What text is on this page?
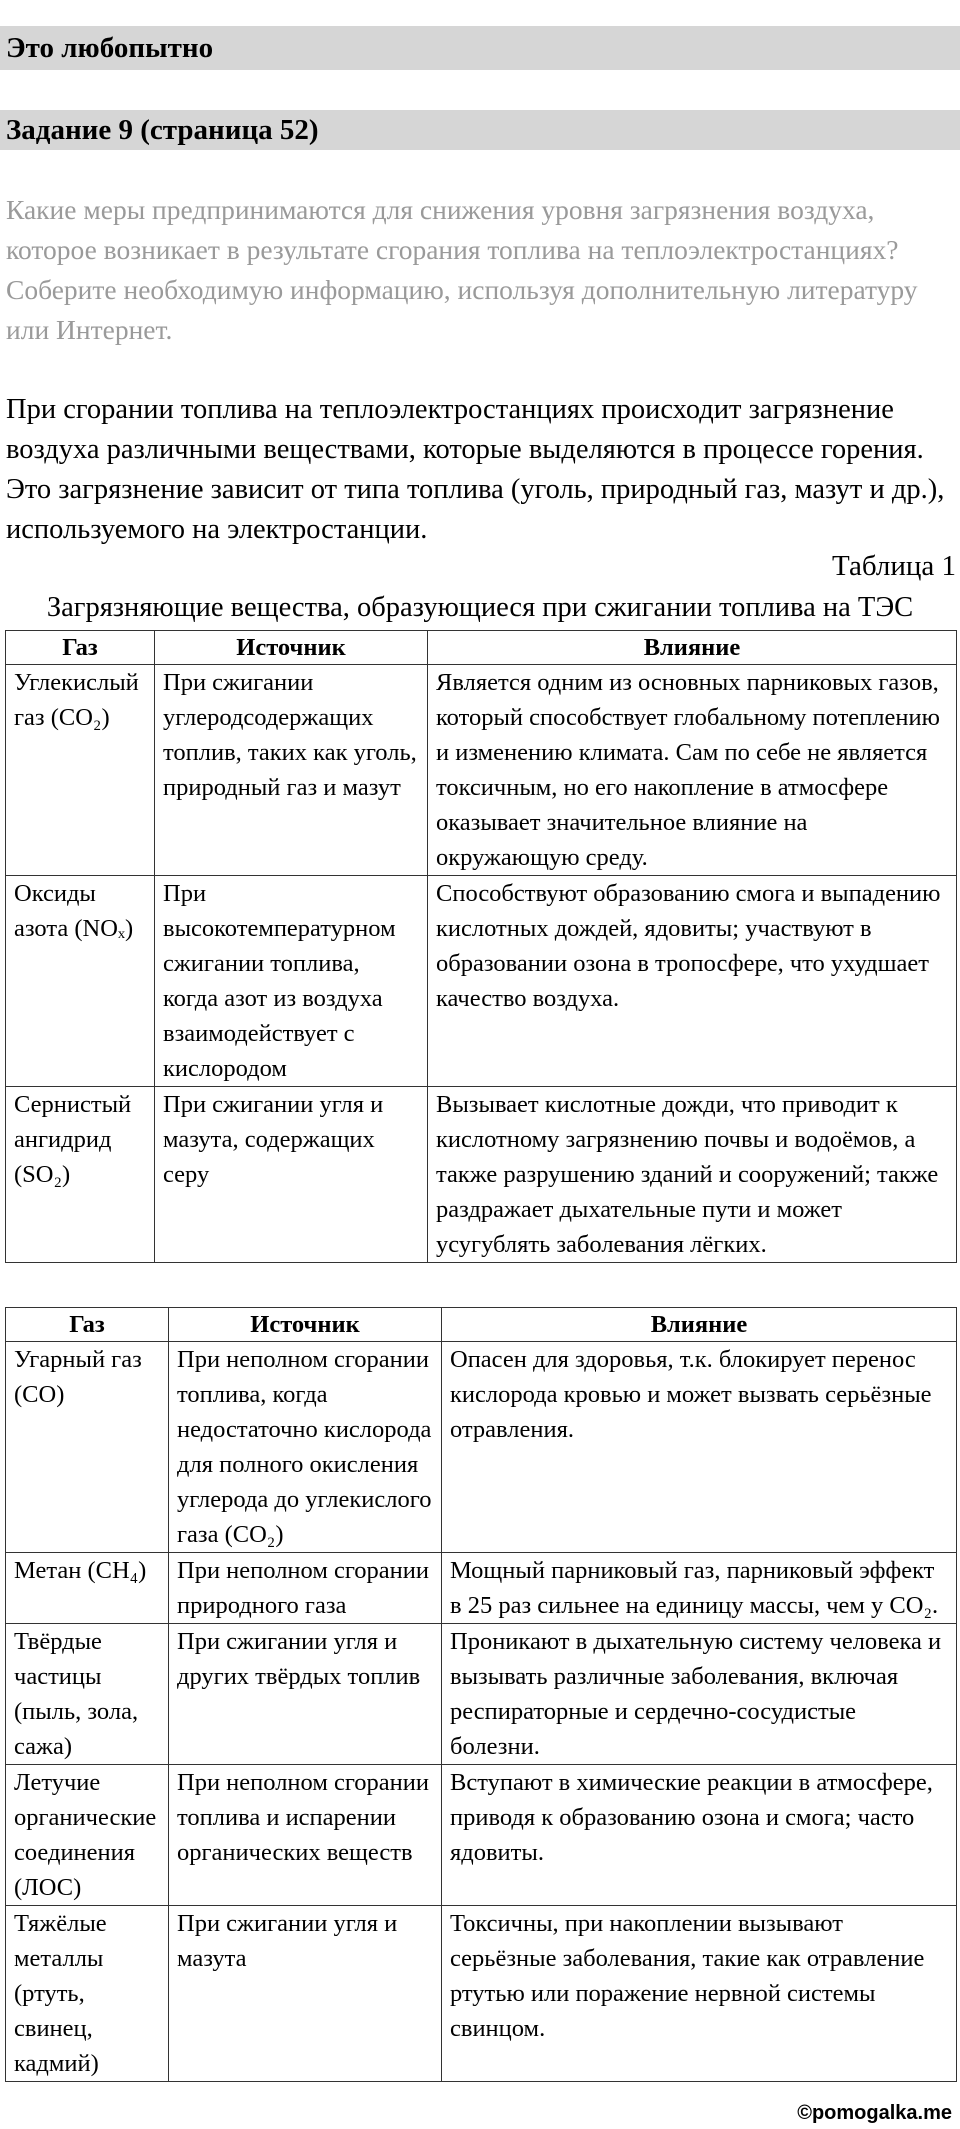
Это любопытно
Задание 9 (страница 52)

Какие меры предпринимаются для снижения уровня загрязнения воздуха, которое возникает в результате сгорания топлива на теплоэлектростанциях? Соберите необходимую информацию, используя дополнительную литературу или Интернет.

При сгорании топлива на теплоэлектростанциях происходит загрязнение воздуха различными веществами, которые выделяются в процессе горения. Это загрязнение зависит от типа топлива (уголь, природный газ, мазут и др.), используемого на электростанции.

Таблица 1
Загрязняющие вещества, образующиеся при сжигании топлива на ТЭС
Газ	Источник	Влияние
Углекислый газ (CO₂)	При сжигании углеродсодержащих топлив, таких как уголь, природный газ и мазут	Является одним из основных парниковых газов, который способствует глобальному потеплению и изменению климата. Сам по себе не является токсичным, но его накопление в атмосфере оказывает значительное влияние на окружающую среду.
Оксиды азота (NOₓ)	При высокотемпературном сжигании топлива, когда азот из воздуха взаимодействует с кислородом	Способствуют образованию смога и выпадению кислотных дождей, ядовиты; участвуют в образовании озона в тропосфере, что ухудшает качество воздуха.
Сернистый ангидрид (SO₂)	При сжигании угля и мазута, содержащих серу	Вызывает кислотные дожди, что приводит к кислотному загрязнению почвы и водоёмов, а также разрушению зданий и сооружений; также раздражает дыхательные пути и может усугублять заболевания лёгких.
Газ	Источник	Влияние
Угарный газ (CO)	При неполном сгорании топлива, когда недостаточно кислорода для полного окисления углерода до углекислого газа (CO₂)	Опасен для здоровья, т.к. блокирует перенос кислорода кровью и может вызвать серьёзные отравления.
Метан (CH₄)	При неполном сгорании природного газа	Мощный парниковый газ, парниковый эффект в 25 раз сильнее на единицу массы, чем у CO₂.
Твёрдые частицы (пыль, зола, сажа)	При сжигании угля и других твёрдых топлив	Проникают в дыхательную систему человека и вызывать различные заболевания, включая респираторные и сердечно-сосудистые болезни.
Летучие органические соединения (ЛОС)	При неполном сгорании топлива и испарении органических веществ	Вступают в химические реакции в атмосфере, приводя к образованию озона и смога; часто ядовиты.
Тяжёлые металлы (ртуть, свинец, кадмий)	При сжигании угля и мазута	Токсичны, при накоплении вызывают серьёзные заболевания, такие как отравление ртутью или поражение нервной системы свинцом.
©pomogalka.me
